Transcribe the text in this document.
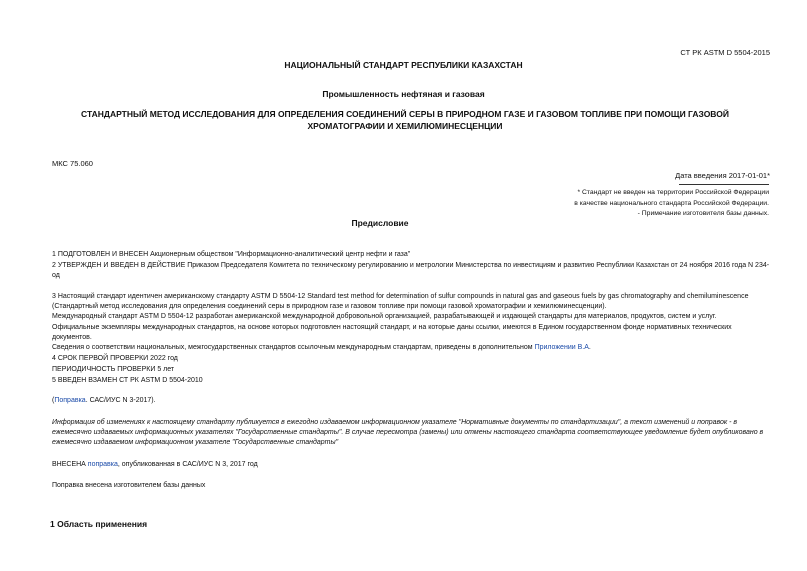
СТ РК ASTM D 5504-2015
НАЦИОНАЛЬНЫЙ СТАНДАРТ РЕСПУБЛИКИ КАЗАХСТАН
Промышленность нефтяная и газовая
СТАНДАРТНЫЙ МЕТОД ИССЛЕДОВАНИЯ ДЛЯ ОПРЕДЕЛЕНИЯ СОЕДИНЕНИЙ СЕРЫ В ПРИРОДНОМ ГАЗЕ И ГАЗОВОМ ТОПЛИВЕ ПРИ ПОМОЩИ ГАЗОВОЙ ХРОМАТОГРАФИИ И ХЕМИЛЮМИНЕСЦЕНЦИИ
МКС 75.060
Дата введения 2017-01-01*
* Стандарт не введен на территории Российской Федерации
в качестве национального стандарта Российской Федерации.
- Примечание изготовителя базы данных.
Предисловие

1 ПОДГОТОВЛЕН И ВНЕСЕН Акционерным обществом "Информационно-аналитический центр нефти и газа"

2 УТВЕРЖДЕН И ВВЕДЕН В ДЕЙСТВИЕ Приказом Председателя Комитета по техническому регулированию и метрологии Министерства по инвестициям и развитию Республики Казахстан от 24 ноября 2016 года N 234-од

3 Настоящий стандарт идентичен американскому стандарту ASTM D 5504-12 Standard test method for determination of sulfur compounds in natural gas and gaseous fuels by gas chromatography and chemiluminescence (Стандартный метод исследования для определения соединений серы в природном газе и газовом топливе при помощи газовой хроматографии и хемилюминесценции).

Международный стандарт ASTM D 5504-12 разработан американской международной добровольной организацией, разрабатывающей и издающей стандарты для материалов, продуктов, систем и услуг.

Официальные экземпляры международных стандартов, на основе которых подготовлен настоящий стандарт, и на которые даны ссылки, имеются в Едином государственном фонде нормативных технических документов.

Сведения о соответствии национальных, межгосударственных стандартов ссылочным международным стандартам, приведены в дополнительном Приложении В.А.

4 СРОК ПЕРВОЙ ПРОВЕРКИ 2022 год

ПЕРИОДИЧНОСТЬ ПРОВЕРКИ 5 лет

5 ВВЕДЕН ВЗАМЕН СТ РК ASTM D 5504-2010

(Поправка. САС/ИУС N 3-2017).

Информация об изменениях к настоящему стандарту публикуется в ежегодно издаваемом информационном указателе "Нормативные документы по стандартизации", а текст изменений и поправок - в ежемесячно издаваемых информационных указателях "Государственные стандарты". В случае пересмотра (замены) или отмены настоящего стандарта соответствующее уведомление будет опубликовано в ежемесячно издаваемом информационном указателе "Государственные стандарты"

ВНЕСЕНА поправка, опубликованная в САС/ИУС N 3, 2017 год

Поправка внесена изготовителем базы данных

1 Область применения
